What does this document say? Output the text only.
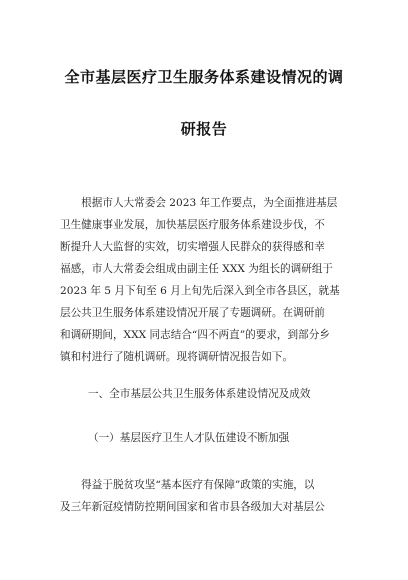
全市基层医疗卫生服务体系建设情况的调
研报告
　　根据市人大常委会 2023 年工作要点，为全面推进基层
卫生健康事业发展，加快基层医疗服务体系建设步伐，不
断提升人大监督的实效，切实增强人民群众的获得感和幸
福感，市人大常委会组成由副主任 XXX 为组长的调研组于
2023 年 5 月下旬至 6 月上旬先后深入到全市各县区，就基
层公共卫生服务体系建设情况开展了专题调研。在调研前
和调研期间，XXX 同志结合“四不两直”的要求，到部分乡
镇和村进行了随机调研。现将调研情况报告如下。
一、全市基层公共卫生服务体系建设情况及成效
（一）基层医疗卫生人才队伍建设不断加强
　　得益于脱贫攻坚“基本医疗有保障”政策的实施，以
及三年新冠疫情防控期间国家和省市县各级加大对基层公
